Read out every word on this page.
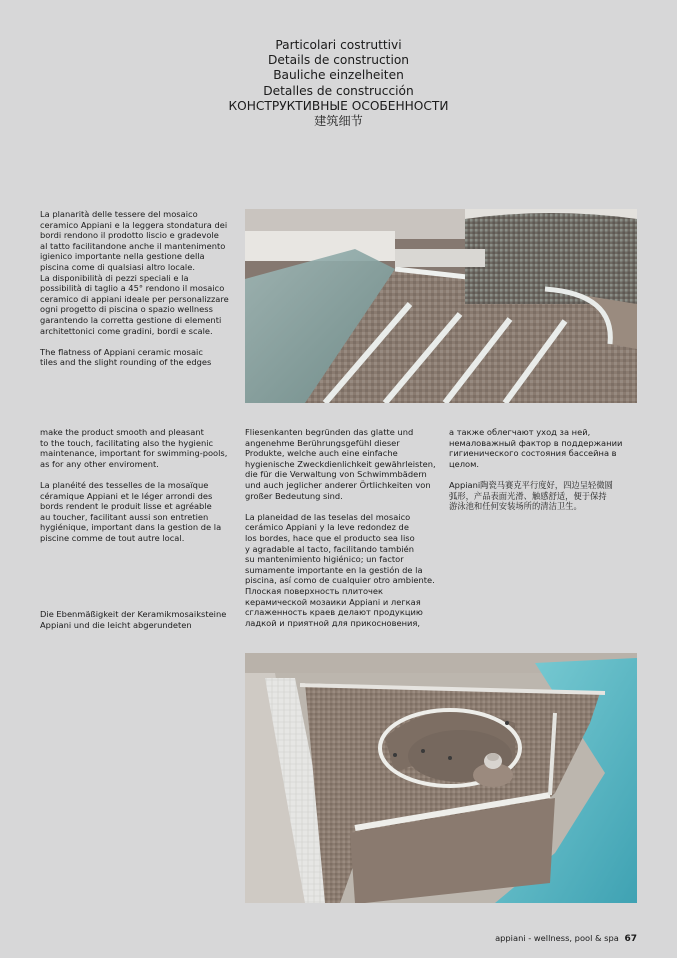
Particolari costruttivi
Details de construction
Bauliche einzelheiten
Detalles de construcción
КОНСТРУКТИВНЫЕ ОСОБЕННОСТИ
建筑细节

La planarità delle tessere del mosaico
ceramico Appiani e la leggera stondatura dei
bordi rendono il prodotto liscio e gradevole
al tatto facilitandone anche il mantenimento
igienico importante nella gestione della
piscina come di qualsiasi altro locale.
La disponibilità di pezzi speciali e la
possibilità di taglio a 45° rendono il mosaico
ceramico di appiani ideale per personalizzare
ogni progetto di piscina o spazio wellness
garantendo la corretta gestione di elementi
architettonici come gradini, bordi e scale.

The flatness of Appiani ceramic mosaic
tiles and the slight rounding of the edges

make the product smooth and pleasant
to the touch, facilitating also the hygienic
maintenance, important for swimming-pools,
as for any other enviroment.

La planéité des tesselles de la mosaïque
céramique Appiani et le léger arrondi des
bords rendent le produit lisse et agréable
au toucher, facilitant aussi son entretien
hygiénique, important dans la gestion de la
piscine comme de tout autre local.

Die Ebenmäßigkeit der Keramikmosaiksteine
Appiani und die leicht abgerundeten

Fliesenkanten begründen das glatte und
angenehme Berührungsgefühl dieser
Produkte, welche auch eine einfache
hygienische Zweckdienlichkeit gewährleisten,
die für die Verwaltung von Schwimmbädern
und auch jeglicher anderer Örtlichkeiten von
großer Bedeutung sind.

La planeidad de las teselas del mosaico
cerámico Appiani y la leve redondez de
los bordes, hace que el producto sea liso
y agradable al tacto, facilitando también
su mantenimiento higiénico; un factor
sumamente importante en la gestión de la
piscina, así como de cualquier otro ambiente.

Плоская поверхность плиточек
керамической мозаики Appiani и легкая
сглаженность краев делают продукцию
ладкой и приятной для прикосновения,

а также облегчают уход за ней,
немаловажный фактор в поддержании
гигиенического состояния бассейна в
целом.

Appiani陶瓷马赛克平行度好，四边呈轻微圆
弧形，产品表面光滑、触感舒适，便于保持
游泳池和任何安装场所的清洁卫生。

appiani - wellness, pool & spa 67
